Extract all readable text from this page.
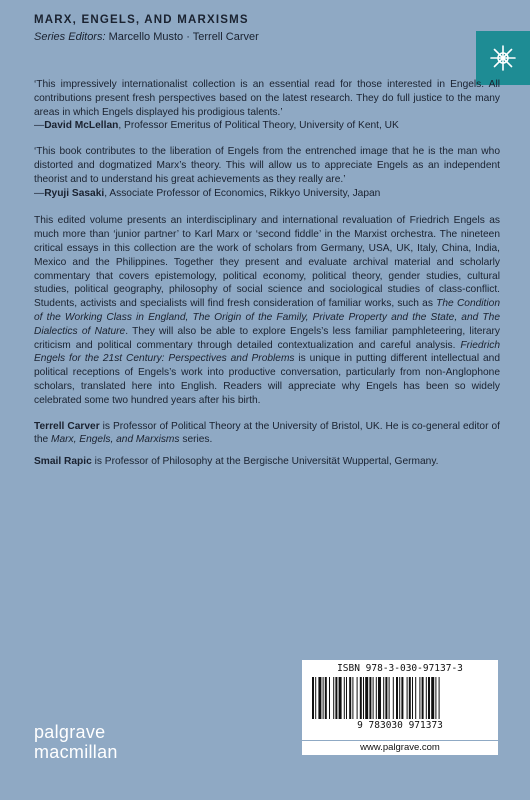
MARX, ENGELS, AND MARXISMS
Series Editors: Marcello Musto · Terrell Carver

‘This impressively internationalist collection is an essential read for those interested in Engels. All contributions present fresh perspectives based on the latest research. They do full justice to the many areas in which Engels displayed his prodigious talents.’
—David McLellan, Professor Emeritus of Political Theory, University of Kent, UK

‘This book contributes to the liberation of Engels from the entrenched image that he is the man who distorted and dogmatized Marx’s theory. This will allow us to appreciate Engels as an independent theorist and to understand his great achievements as they really are.’
—Ryuji Sasaki, Associate Professor of Economics, Rikkyo University, Japan

This edited volume presents an interdisciplinary and international revaluation of Friedrich Engels as much more than ‘junior partner’ to Karl Marx or ‘second fiddle’ in the Marxist orchestra. The nineteen critical essays in this collection are the work of scholars from Germany, USA, UK, Italy, China, India, Mexico and the Philippines. Together they present and evaluate archival material and scholarly commentary that covers epistemology, political economy, political theory, gender studies, cultural studies, political geography, philosophy of social science and sociological studies of class-conflict. Students, activists and specialists will find fresh consideration of familiar works, such as The Condition of the Working Class in England, The Origin of the Family, Private Property and the State, and The Dialectics of Nature. They will also be able to explore Engels’s less familiar pamphleteering, literary criticism and political commentary through detailed contextualization and careful analysis. Friedrich Engels for the 21st Century: Perspectives and Problems is unique in putting different intellectual and political receptions of Engels’s work into productive conversation, particularly from non-Anglophone scholars, translated here into English. Readers will appreciate why Engels has been so widely celebrated some two hundred years after his birth.

Terrell Carver is Professor of Political Theory at the University of Bristol, UK. He is co-general editor of the Marx, Engels, and Marxisms series.

Smail Rapic is Professor of Philosophy at the Bergische Universität Wuppertal, Germany.

ISBN 978-3-030-97137-3
9 783030 971373
www.palgrave.com
palgrave
macmillan
